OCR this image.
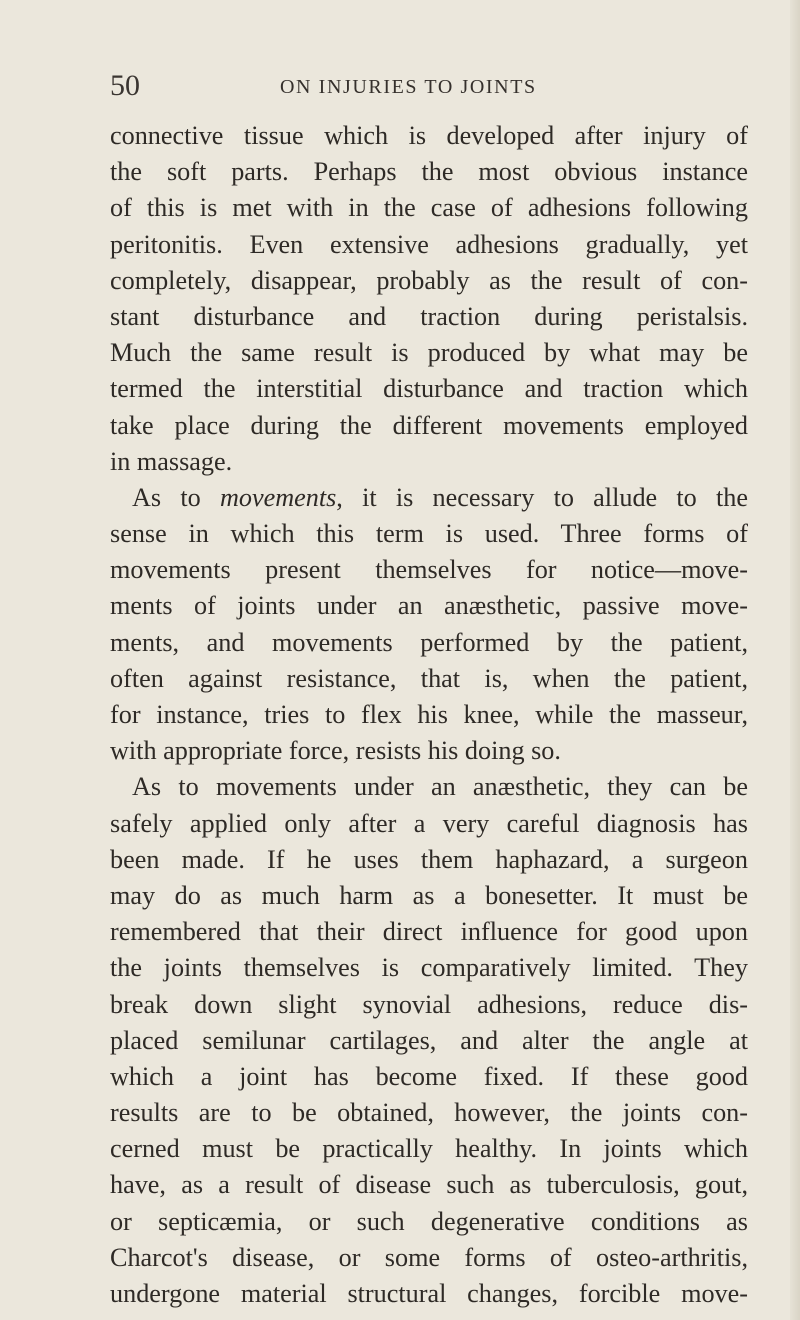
50	ON INJURIES TO JOINTS
connective tissue which is developed after injury of
the soft parts. Perhaps the most obvious instance
of this is met with in the case of adhesions following
peritonitis. Even extensive adhesions gradually, yet
completely, disappear, probably as the result of con-
stant disturbance and traction during peristalsis.
Much the same result is produced by what may be
termed the interstitial disturbance and traction which
take place during the different movements employed
in massage.
As to movements, it is necessary to allude to the
sense in which this term is used. Three forms of
movements present themselves for notice—move-
ments of joints under an anæsthetic, passive move-
ments, and movements performed by the patient,
often against resistance, that is, when the patient,
for instance, tries to flex his knee, while the masseur,
with appropriate force, resists his doing so.
As to movements under an anæsthetic, they can be
safely applied only after a very careful diagnosis has
been made. If he uses them haphazard, a surgeon
may do as much harm as a bonesetter. It must be
remembered that their direct influence for good upon
the joints themselves is comparatively limited. They
break down slight synovial adhesions, reduce dis-
placed semilunar cartilages, and alter the angle at
which a joint has become fixed. If these good
results are to be obtained, however, the joints con-
cerned must be practically healthy. In joints which
have, as a result of disease such as tuberculosis, gout,
or septicæmia, or such degenerative conditions as
Charcot's disease, or some forms of osteo-arthritis,
undergone material structural changes, forcible move-
